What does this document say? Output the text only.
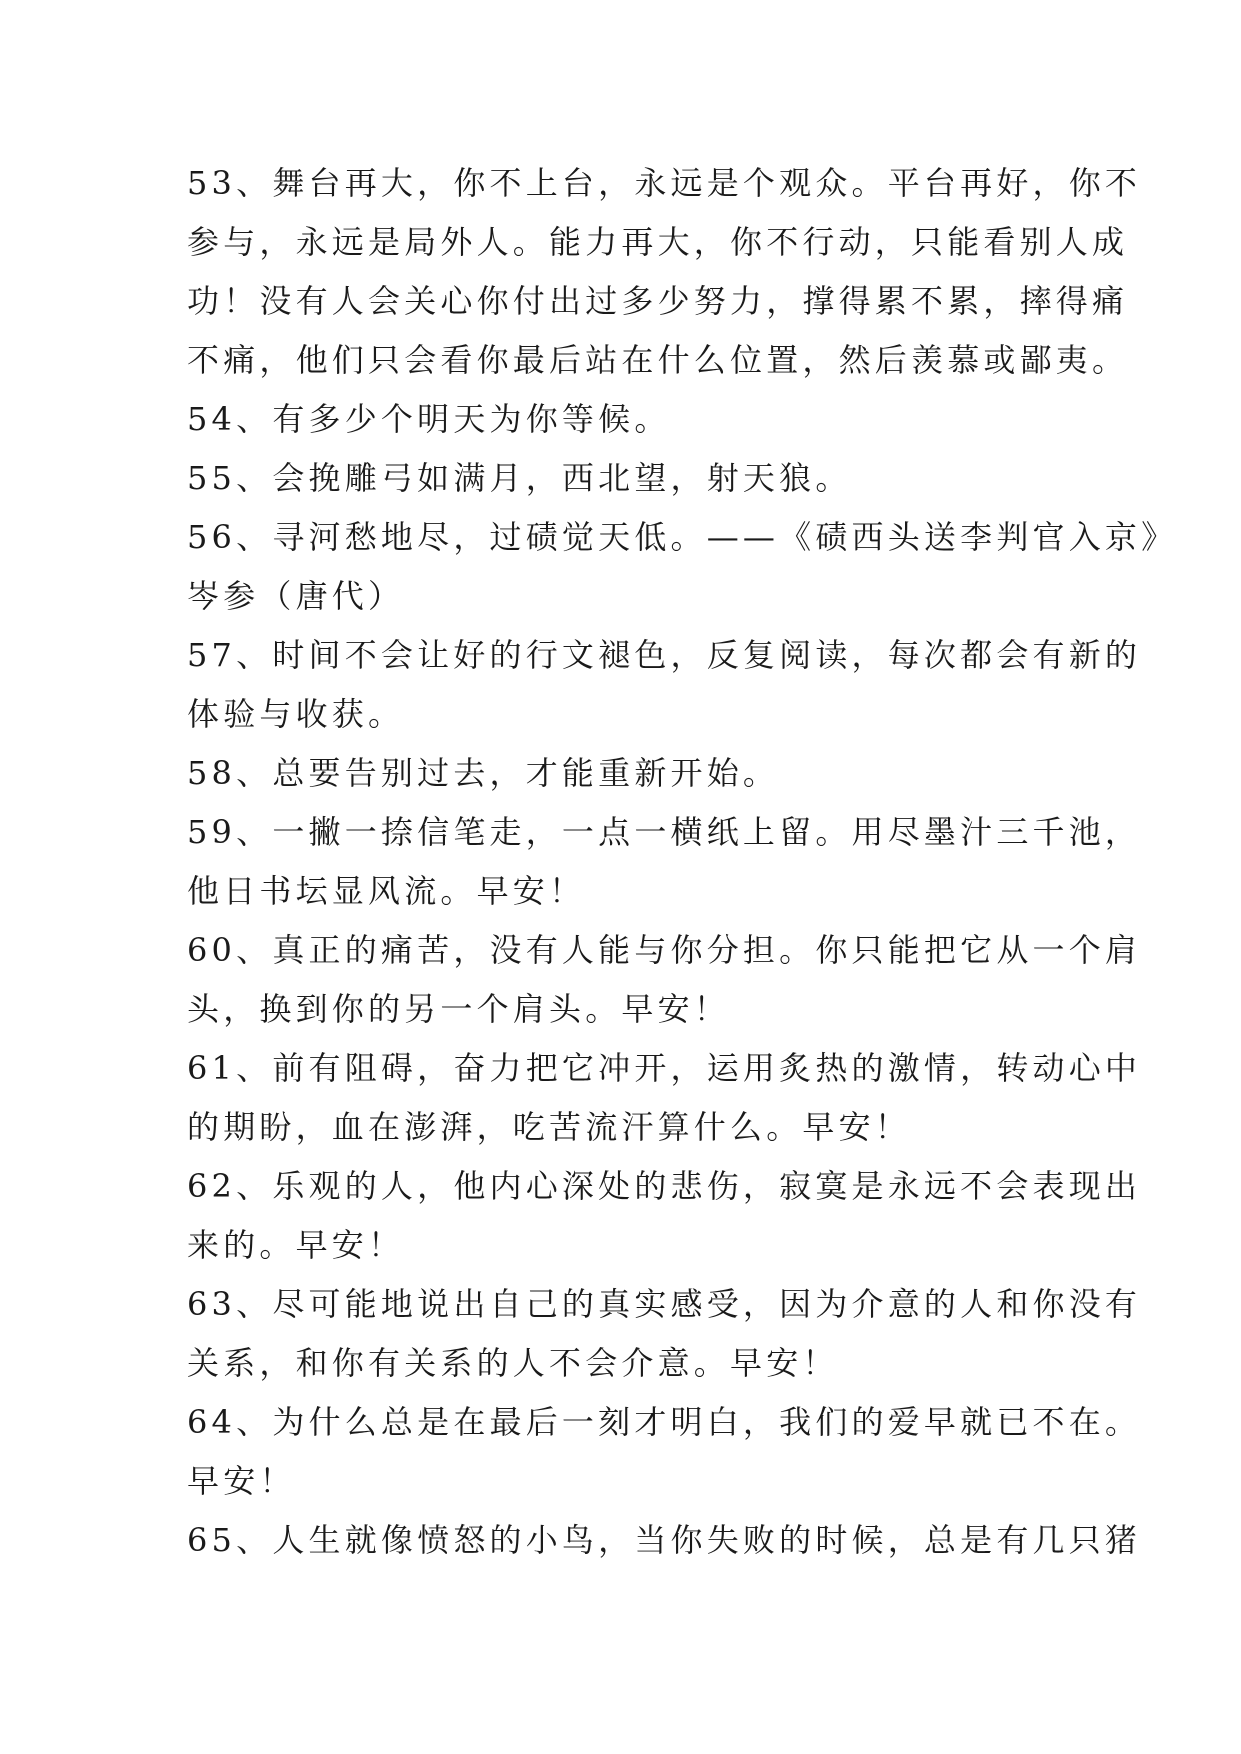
53、舞台再大，你不上台，永远是个观众。平台再好，你不
参与，永远是局外人。能力再大，你不行动，只能看别人成
功！没有人会关心你付出过多少努力，撑得累不累，摔得痛
不痛，他们只会看你最后站在什么位置，然后羡慕或鄙夷。

54、有多少个明天为你等候。

55、会挽雕弓如满月，西北望，射天狼。

56、寻河愁地尽，过碛觉天低。——《碛西头送李判官入京》
岑参（唐代）

57、时间不会让好的行文褪色，反复阅读，每次都会有新的
体验与收获。

58、总要告别过去，才能重新开始。

59、一撇一捺信笔走，一点一横纸上留。用尽墨汁三千池，
他日书坛显风流。早安！

60、真正的痛苦，没有人能与你分担。你只能把它从一个肩
头，换到你的另一个肩头。早安！

61、前有阻碍，奋力把它冲开，运用炙热的激情，转动心中
的期盼，血在澎湃，吃苦流汗算什么。早安！

62、乐观的人，他内心深处的悲伤，寂寞是永远不会表现出
来的。早安！

63、尽可能地说出自己的真实感受，因为介意的人和你没有
关系，和你有关系的人不会介意。早安！

64、为什么总是在最后一刻才明白，我们的爱早就已不在。
早安！

65、人生就像愤怒的小鸟，当你失败的时候，总是有几只猪
